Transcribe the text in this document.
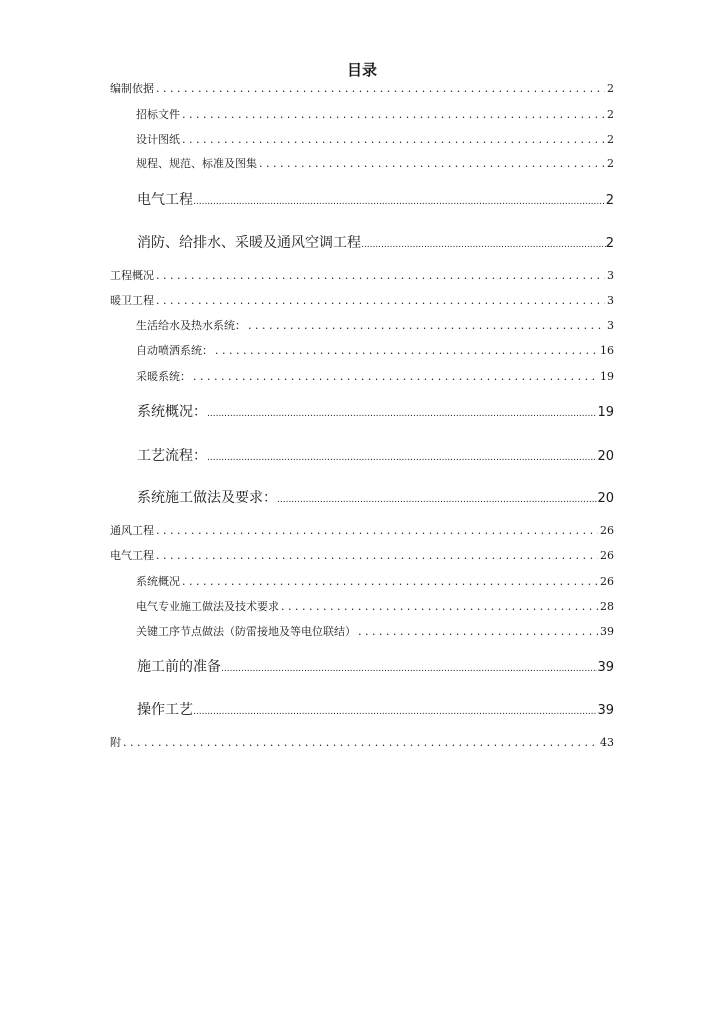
目录
编制依据 . . .	2
招标文件 . . .	2
设计图纸 . . .	2
规程、规范、标准及图集 . . .	2
电气工程 .....	2
消防、给排水、采暖及通风空调工程 .....	2
工程概况 . . .	3
暖卫工程 . . .	3
生活给水及热水系统： . . .	3
自动喷洒系统： . . .	16
采暖系统： . . .	19
系统概况： .....	19
工艺流程： .....	20
系统施工做法及要求： .....	20
通风工程 . . .	26
电气工程 . . .	26
系统概况 . . .	26
电气专业施工做法及技术要求 . . .	28
关键工序节点做法（防雷接地及等电位联结） . . .	39
施工前的准备 .....	39
操作工艺 .....	39
附 . . .	43
